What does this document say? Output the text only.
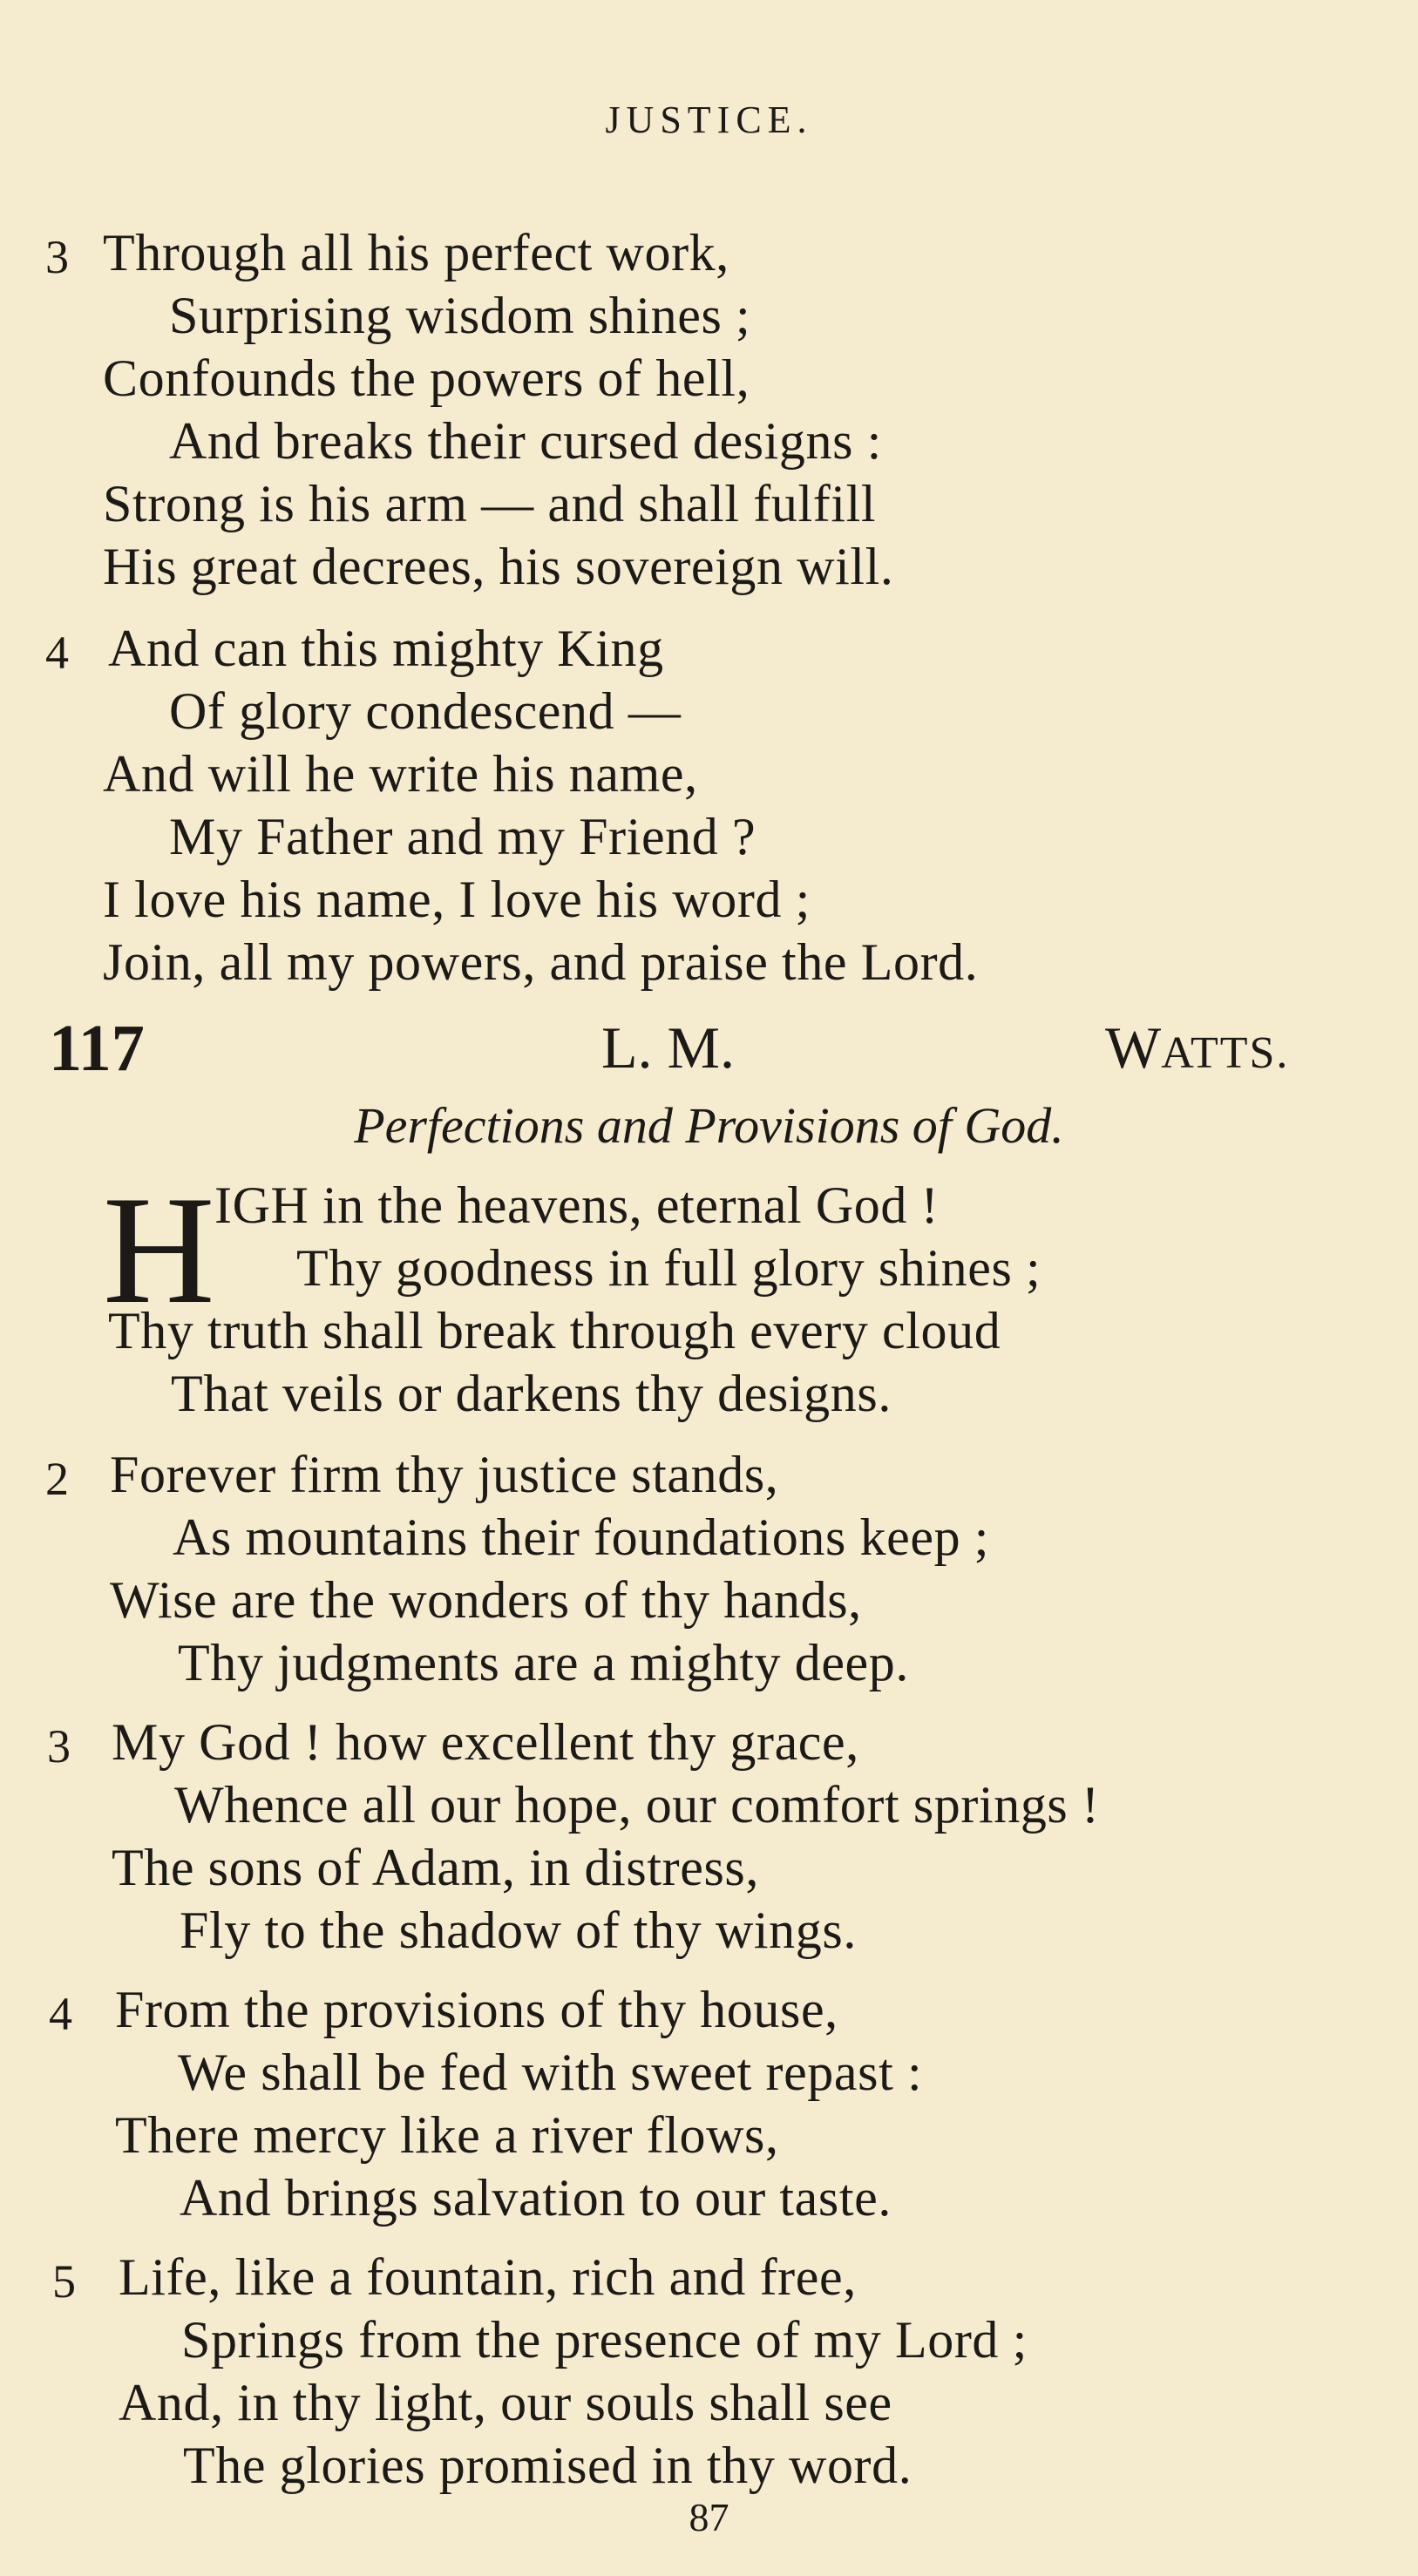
JUSTICE.
3 Through all his perfect work,
Surprising wisdom shines ;
Confounds the powers of hell,
And breaks their cursed designs :
Strong is his arm — and shall fulfill
His great decrees, his sovereign will.
4 And can this mighty King
Of glory condescend —
And will he write his name,
My Father and my Friend ?
I love his name, I love his word ;
Join, all my powers, and praise the Lord.
117	L. M.	WATTS.
Perfections and Provisions of God.
H IGH in the heavens, eternal God !
Thy goodness in full glory shines ;
Thy truth shall break through every cloud
That veils or darkens thy designs.
2 Forever firm thy justice stands,
As mountains their foundations keep ;
Wise are the wonders of thy hands,
Thy judgments are a mighty deep.
3 My God ! how excellent thy grace,
Whence all our hope, our comfort springs !
The sons of Adam, in distress,
Fly to the shadow of thy wings.
4 From the provisions of thy house,
We shall be fed with sweet repast :
There mercy like a river flows,
And brings salvation to our taste.
5 Life, like a fountain, rich and free,
Springs from the presence of my Lord ;
And, in thy light, our souls shall see
The glories promised in thy word.
87
